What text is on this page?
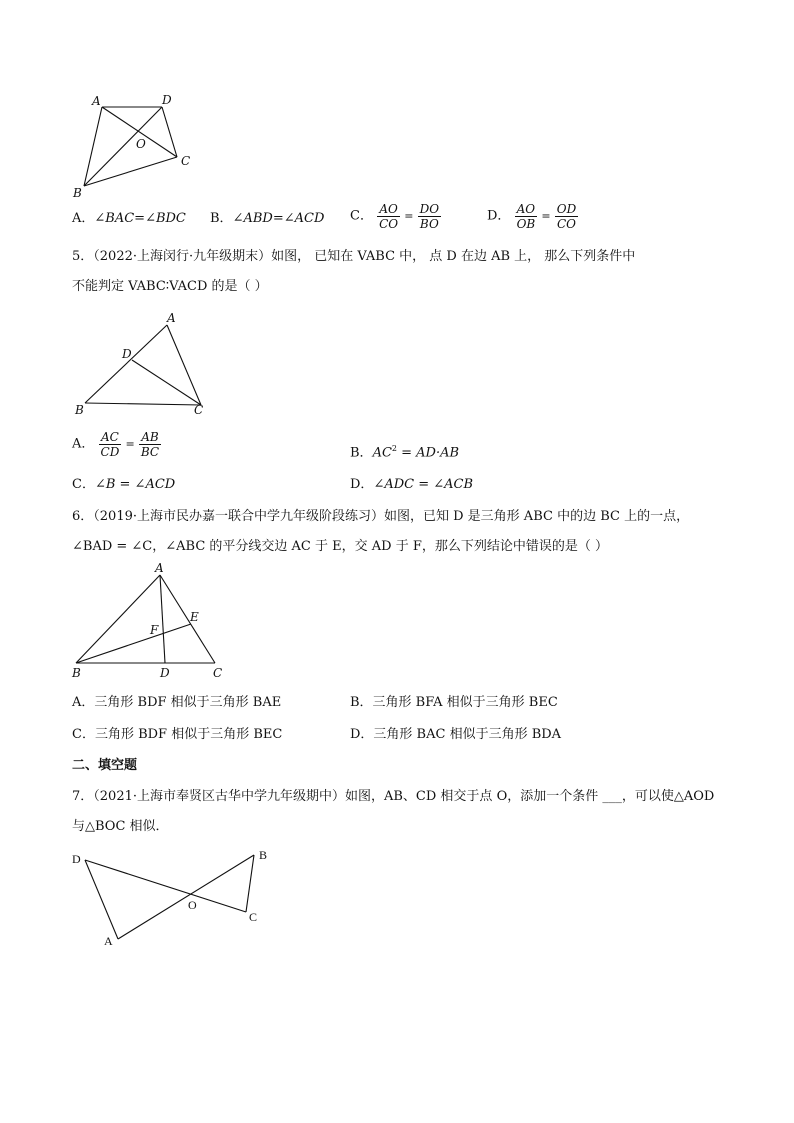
A	D
O
C
B
A．∠BAC=∠BDC B．∠ABD=∠ACD C． $\frac{AO}{CO} = \frac{DO}{BO}$	D． $\frac{AO}{OB} = \frac{OD}{CO}$
5．（2022·上海闵行·九年级期末）如图， 已知在 VABC 中， 点 D 在边 AB 上， 那么下列条件中
不能判定 VABC∶VACD 的是（ ）
A
D
B	C
A． $\frac{AC}{CD} = \frac{AB}{BC}$	B．$AC^2 = AD\cdot AB$
C．∠B = ∠ACD	D．∠ADC = ∠ACB
6．（2019·上海市民办嘉一联合中学九年级阶段练习）如图，已知 D 是三角形 ABC 中的边 BC 上的一点，
∠BAD = ∠C，∠ABC 的平分线交边 AC 于 E，交 AD 于 F，那么下列结论中错误的是（ ）
A
E
F
B	D	C
A．三角形 BDF 相似于三角形 BAE	B．三角形 BFA 相似于三角形 BEC
C．三角形 BDF 相似于三角形 BEC	D．三角形 BAC 相似于三角形 BDA
二、填空题
7．（2021·上海市奉贤区古华中学九年级期中）如图，AB、CD 相交于点 O，添加一个条件 ___，可以使△AOD
与△BOC 相似．
D	B
O
C
A
